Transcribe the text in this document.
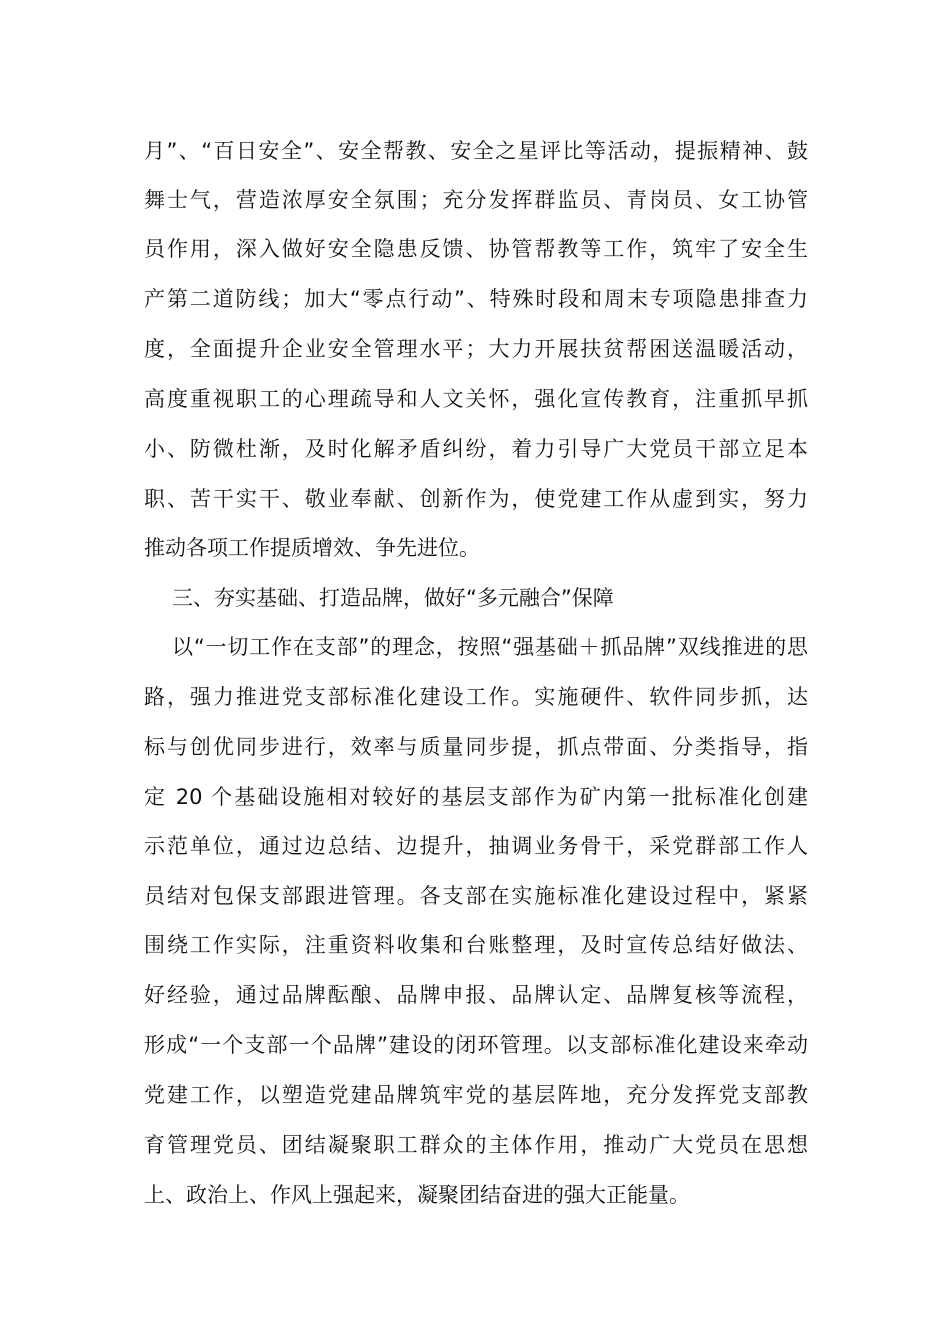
月”、“百日安全”、安全帮教、安全之星评比等活动，提振精神、鼓
舞士气，营造浓厚安全氛围；充分发挥群监员、青岗员、女工协管
员作用，深入做好安全隐患反馈、协管帮教等工作，筑牢了安全生
产第二道防线；加大“零点行动”、特殊时段和周末专项隐患排查力
度，全面提升企业安全管理水平；大力开展扶贫帮困送温暖活动，
高度重视职工的心理疏导和人文关怀，强化宣传教育，注重抓早抓
小、防微杜渐，及时化解矛盾纠纷，着力引导广大党员干部立足本
职、苦干实干、敬业奉献、创新作为，使党建工作从虚到实，努力
推动各项工作提质增效、争先进位。
三、夯实基础、打造品牌，做好“多元融合”保障
以“一切工作在支部”的理念，按照“强基础＋抓品牌”双线推进的思
路，强力推进党支部标准化建设工作。实施硬件、软件同步抓，达
标与创优同步进行，效率与质量同步提，抓点带面、分类指导，指
定 20 个基础设施相对较好的基层支部作为矿内第一批标准化创建
示范单位，通过边总结、边提升，抽调业务骨干，采党群部工作人
员结对包保支部跟进管理。各支部在实施标准化建设过程中，紧紧
围绕工作实际，注重资料收集和台账整理，及时宣传总结好做法、
好经验，通过品牌酝酿、品牌申报、品牌认定、品牌复核等流程，
形成“一个支部一个品牌”建设的闭环管理。以支部标准化建设来牵动
党建工作，以塑造党建品牌筑牢党的基层阵地，充分发挥党支部教
育管理党员、团结凝聚职工群众的主体作用，推动广大党员在思想
上、政治上、作风上强起来，凝聚团结奋进的强大正能量。
